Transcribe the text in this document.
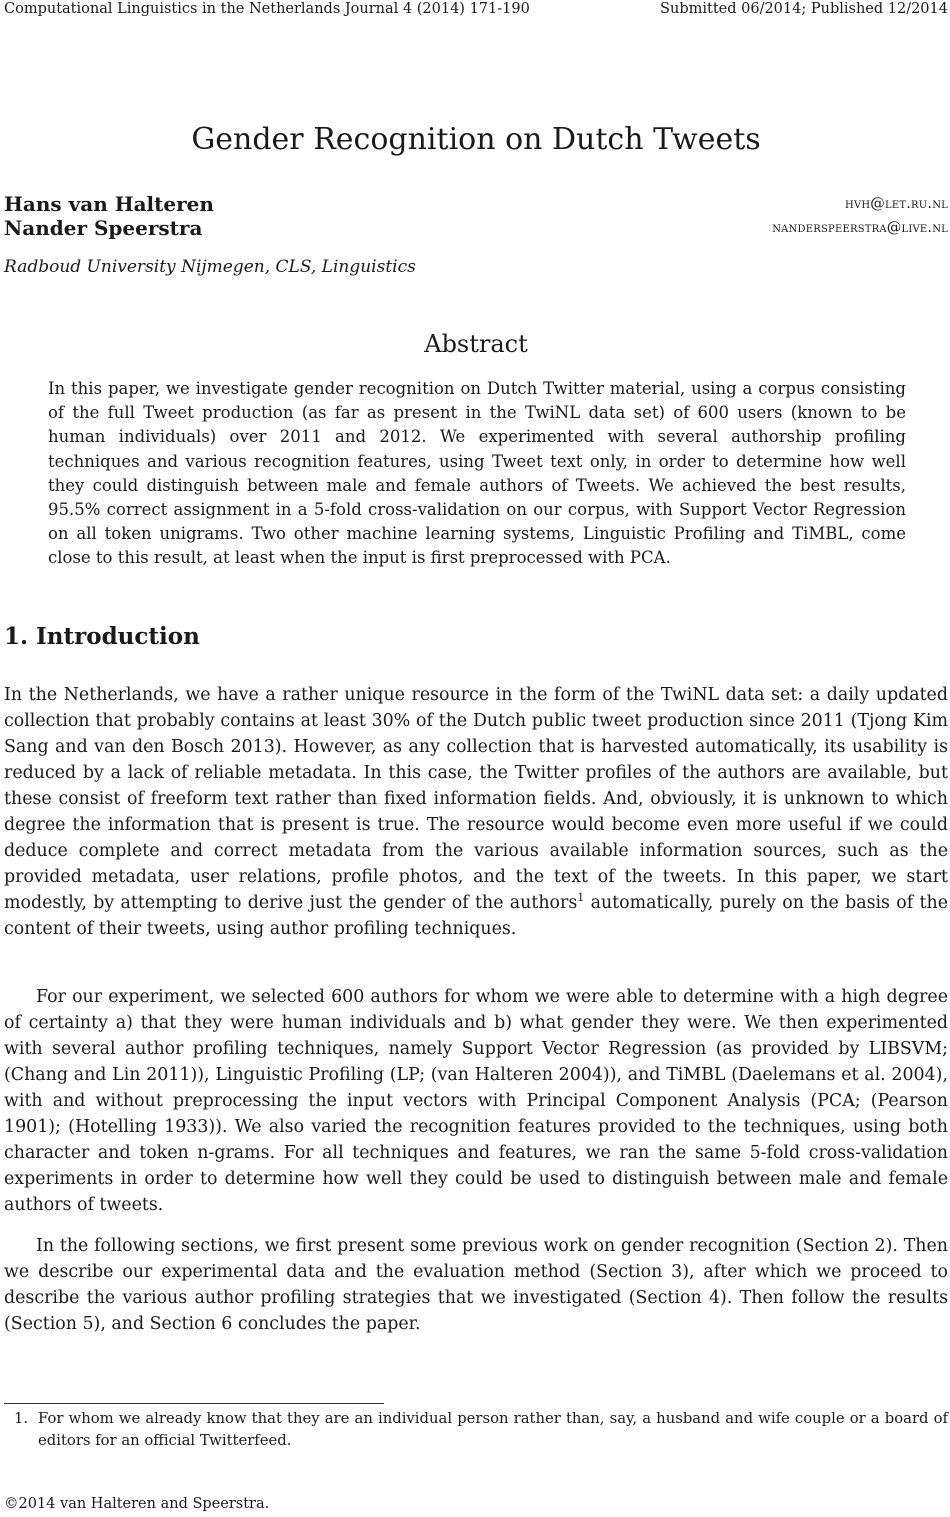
Computational Linguistics in the Netherlands Journal 4 (2014) 171-190	Submitted 06/2014; Published 12/2014
Gender Recognition on Dutch Tweets
Hans van Halteren	hvh@let.ru.nl
Nander Speerstra	nanderspeerstra@live.nl
Radboud University Nijmegen, CLS, Linguistics
Abstract
In this paper, we investigate gender recognition on Dutch Twitter material, using a corpus consisting of the full Tweet production (as far as present in the TwiNL data set) of 600 users (known to be human individuals) over 2011 and 2012. We experimented with several authorship profiling techniques and various recognition features, using Tweet text only, in order to determine how well they could distinguish between male and female authors of Tweets. We achieved the best results, 95.5% correct assignment in a 5-fold cross-validation on our corpus, with Support Vector Regression on all token unigrams. Two other machine learning systems, Linguistic Profiling and TiMBL, come close to this result, at least when the input is first preprocessed with PCA.
1. Introduction

In the Netherlands, we have a rather unique resource in the form of the TwiNL data set: a daily updated collection that probably contains at least 30% of the Dutch public tweet production since 2011 (Tjong Kim Sang and van den Bosch 2013). However, as any collection that is harvested automatically, its usability is reduced by a lack of reliable metadata. In this case, the Twitter profiles of the authors are available, but these consist of freeform text rather than fixed information fields. And, obviously, it is unknown to which degree the information that is present is true. The resource would become even more useful if we could deduce complete and correct metadata from the various available information sources, such as the provided metadata, user relations, profile photos, and the text of the tweets. In this paper, we start modestly, by attempting to derive just the gender of the authors$^1$ automatically, purely on the basis of the content of their tweets, using author profiling techniques.

For our experiment, we selected 600 authors for whom we were able to determine with a high degree of certainty a) that they were human individuals and b) what gender they were. We then experimented with several author profiling techniques, namely Support Vector Regression (as provided by LIBSVM; (Chang and Lin 2011)), Linguistic Profiling (LP; (van Halteren 2004)), and TiMBL (Daelemans et al. 2004), with and without preprocessing the input vectors with Principal Component Analysis (PCA; (Pearson 1901); (Hotelling 1933)). We also varied the recognition features provided to the techniques, using both character and token n-grams. For all techniques and features, we ran the same 5-fold cross-validation experiments in order to determine how well they could be used to distinguish between male and female authors of tweets.

In the following sections, we first present some previous work on gender recognition (Section 2). Then we describe our experimental data and the evaluation method (Section 3), after which we proceed to describe the various author profiling strategies that we investigated (Section 4). Then follow the results (Section 5), and Section 6 concludes the paper.

1. For whom we already know that they are an individual person rather than, say, a husband and wife couple or a board of editors for an official Twitterfeed.
©2014 van Halteren and Speerstra.
